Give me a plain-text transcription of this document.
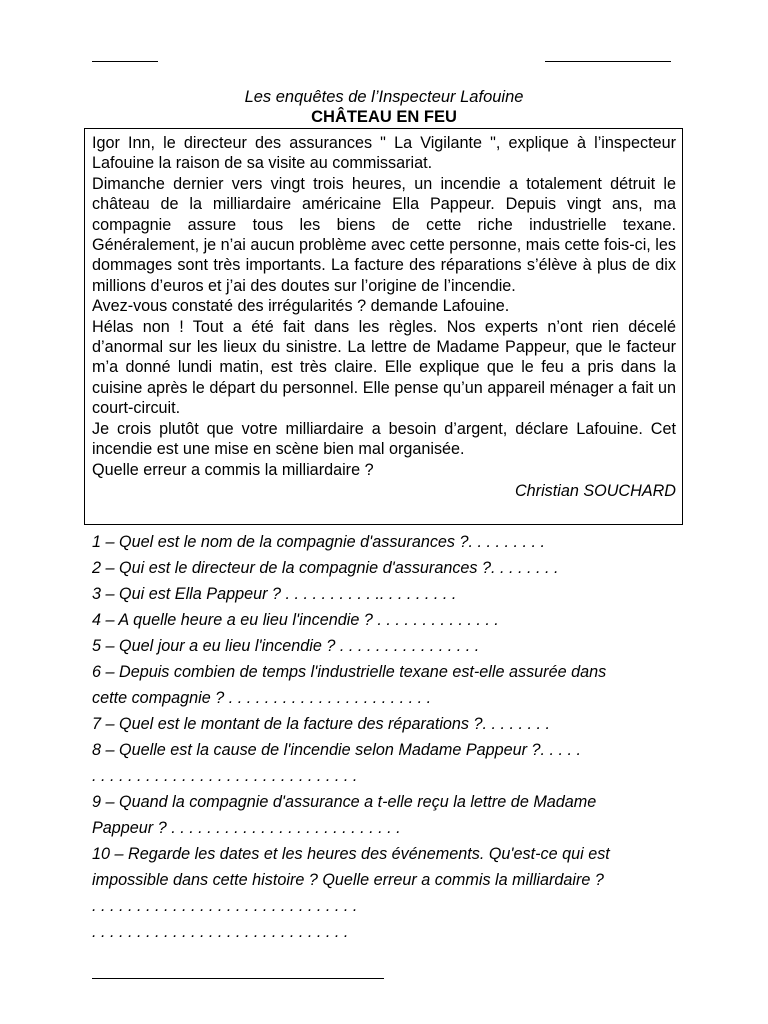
Les enquêtes de l’Inspecteur Lafouine
CHÂTEAU EN FEU

Igor Inn, le directeur des assurances " La Vigilante ", explique à l’inspecteur Lafouine la raison de sa visite au commissariat.

Dimanche dernier vers vingt trois heures, un incendie a totalement détruit le château de la milliardaire américaine Ella Pappeur. Depuis vingt ans, ma compagnie assure tous les biens de cette riche industrielle texane. Généralement, je n’ai aucun problème avec cette personne, mais cette fois-ci, les dommages sont très importants. La facture des réparations s’élève à plus de dix millions d’euros et j’ai des doutes sur l’origine de l’incendie.

Avez-vous constaté des irrégularités ? demande Lafouine.

Hélas non ! Tout a été fait dans les règles. Nos experts n’ont rien décelé d’anormal sur les lieux du sinistre. La lettre de Madame Pappeur, que le facteur m’a donné lundi matin, est très claire. Elle explique que le feu a pris dans la cuisine après le départ du personnel. Elle pense qu’un appareil ménager a fait un court-circuit.

Je crois plutôt que votre milliardaire a besoin d’argent, déclare Lafouine. Cet incendie est une mise en scène bien mal organisée.

Quelle erreur a commis la milliardaire ?

Christian SOUCHARD

1 – Quel est le nom de la compagnie d'assurances ?. . . . . . . . .

2 – Qui est le directeur de la compagnie d'assurances ?. . . . . . . .

3 – Qui est Ella Pappeur ? . . . . . . . . . . .. . . . . . . . .

4 – A quelle heure a eu lieu l'incendie ? . . . . . . . . . . . . . .

5 – Quel jour a eu lieu l'incendie ? . . . . . . . . . . . . . . . .

6 – Depuis combien de temps l'industrielle texane est-elle assurée dans

cette compagnie ? . . . . . . . . . . . . . . . . . . . . . . .

7 – Quel est le montant de la facture des réparations ?. . . . . . . .

8 – Quelle est la cause de l'incendie selon Madame Pappeur ?. . . . .

. . . . . . . . . . . . . . . . . . . . . . . . . . . . . .

9 – Quand la compagnie d'assurance a t-elle reçu la lettre de Madame

Pappeur ? . . . . . . . . . . . . . . . . . . . . . . . . . .

10 – Regarde les dates et les heures des événements. Qu'est-ce qui est

impossible dans cette histoire ? Quelle erreur a commis la milliardaire ?

. . . . . . . . . . . . . . . . . . . . . . . . . . . . . .

. . . . . . . . . . . . . . . . . . . . . . . . . . . . .
